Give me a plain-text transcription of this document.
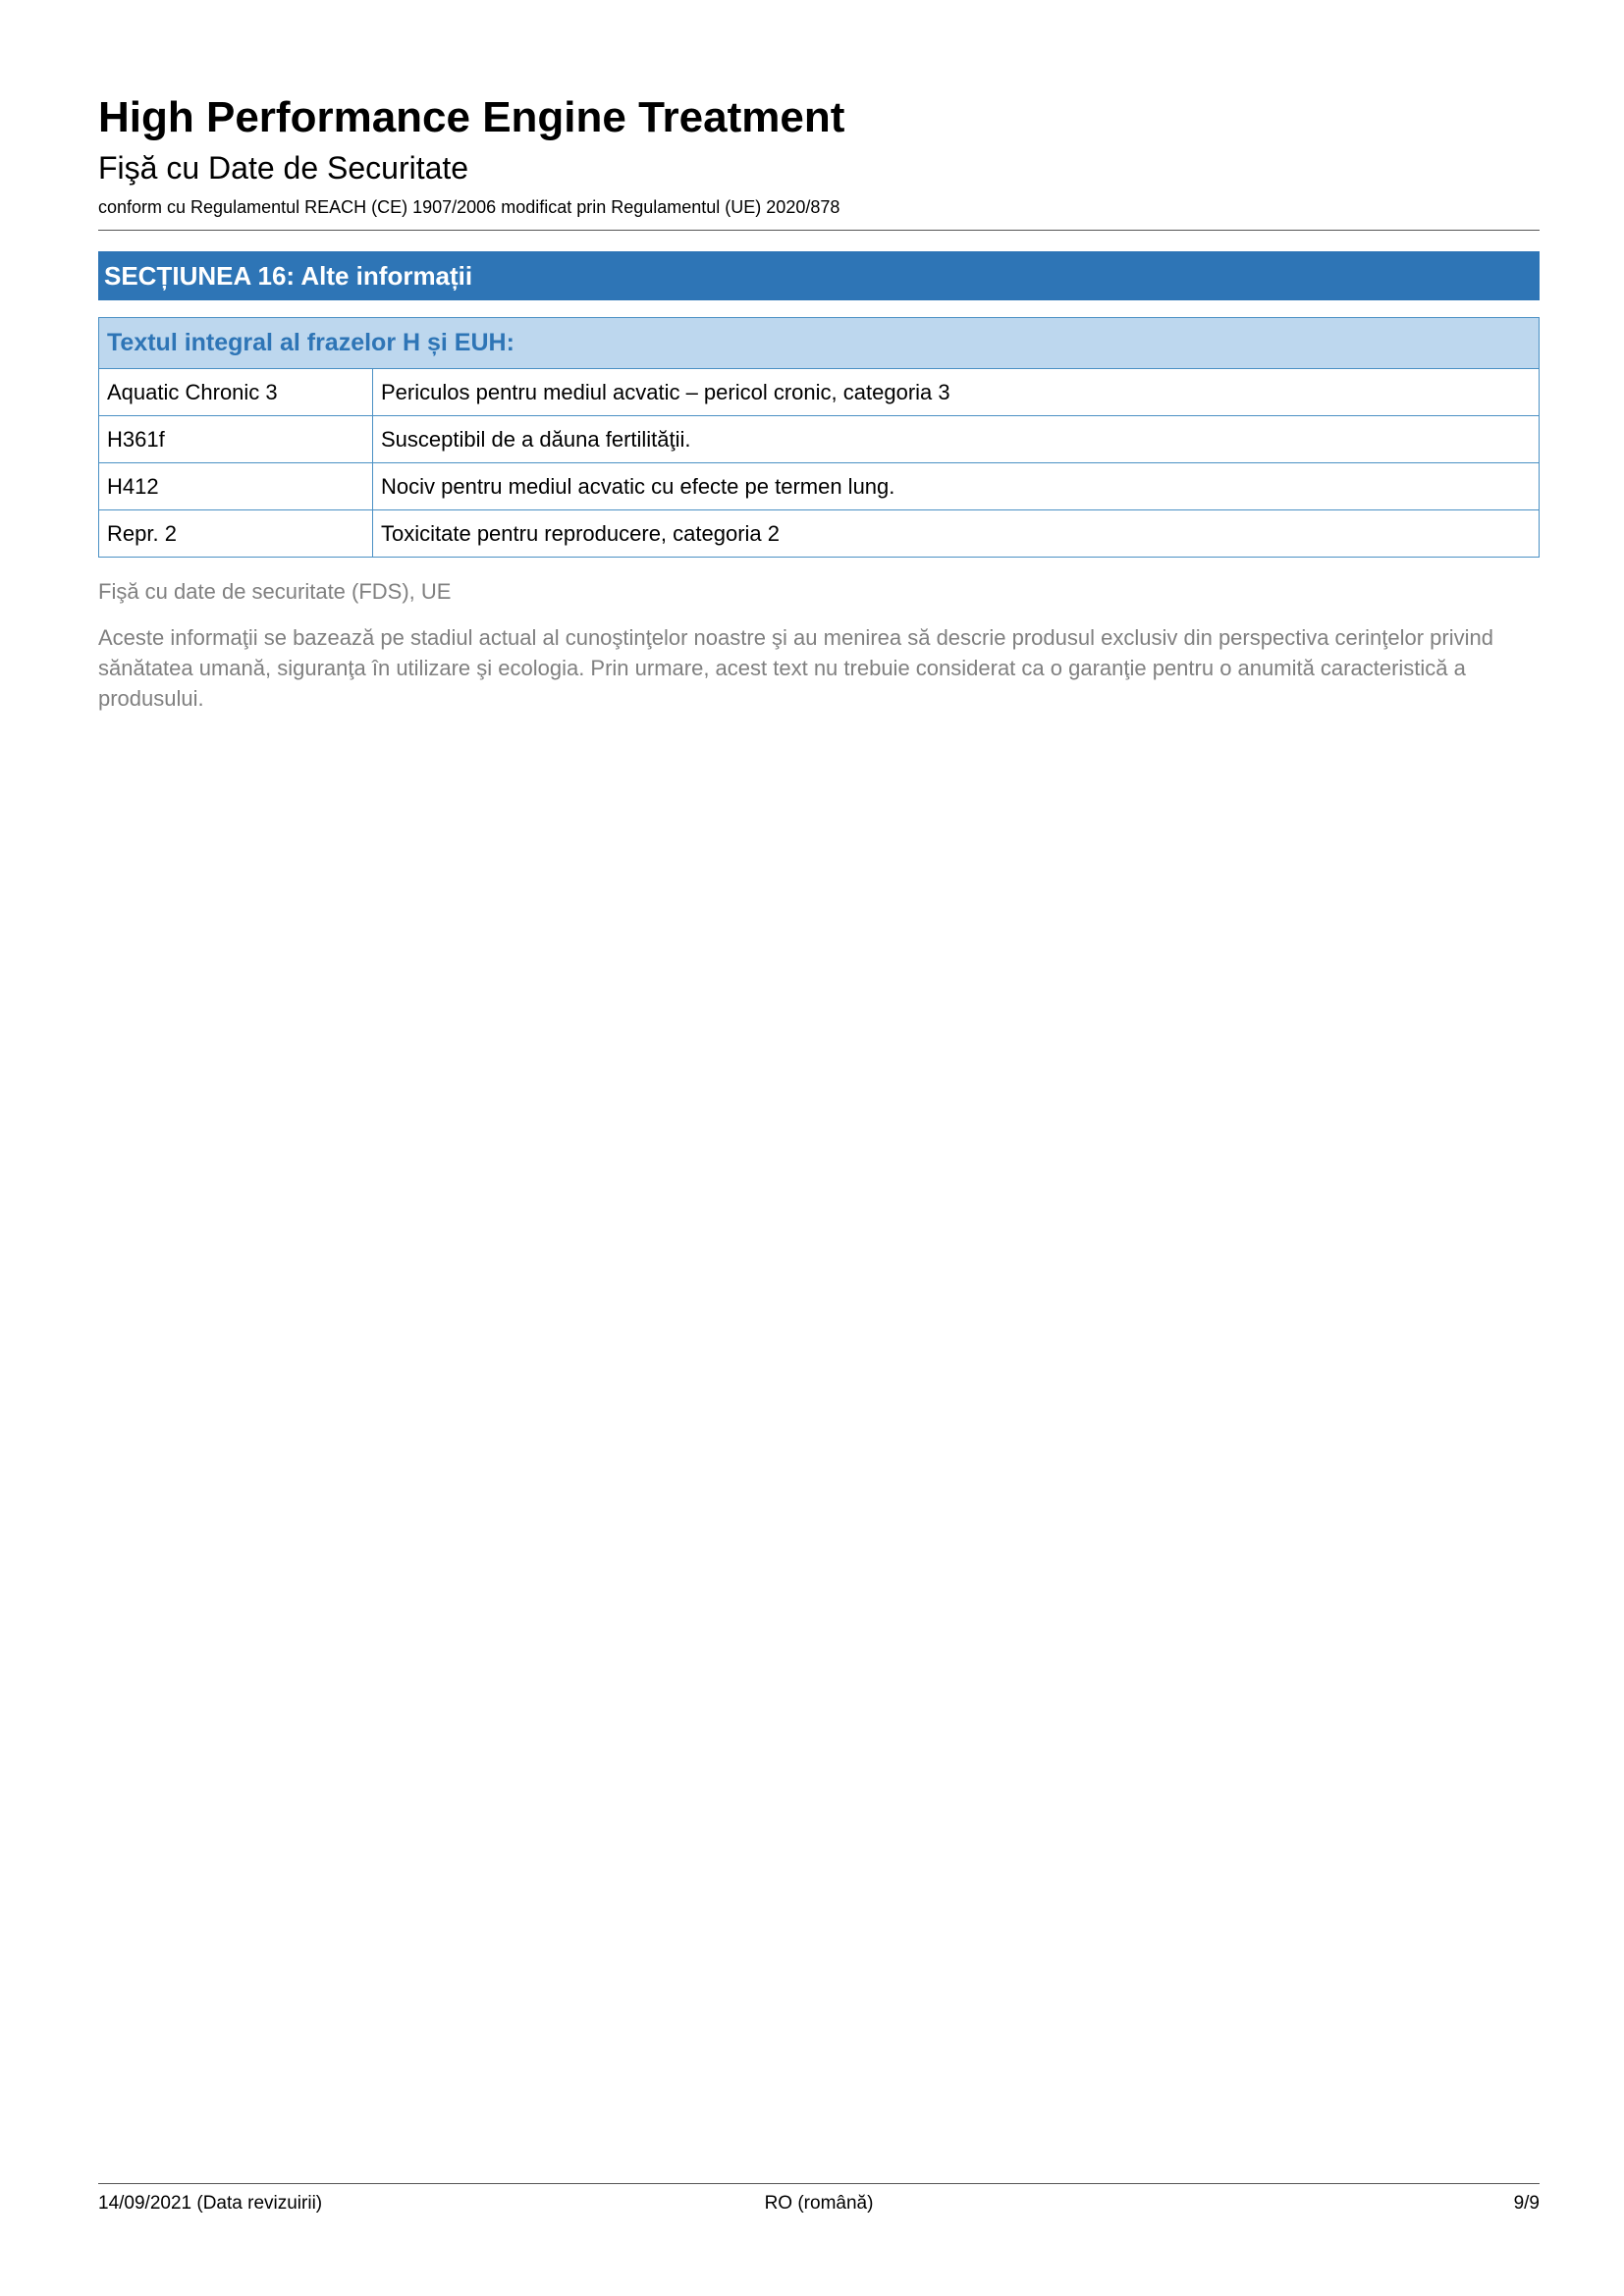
High Performance Engine Treatment
Fişă cu Date de Securitate
conform cu Regulamentul REACH (CE) 1907/2006 modificat prin Regulamentul (UE) 2020/878
SECȚIUNEA 16: Alte informații
Textul integral al frazelor H și EUH:	
Aquatic Chronic 3	Periculos pentru mediul acvatic – pericol cronic, categoria 3
H361f	Susceptibil de a dăuna fertilităţii.
H412	Nociv pentru mediul acvatic cu efecte pe termen lung.
Repr. 2	Toxicitate pentru reproducere, categoria 2

Fişă cu date de securitate (FDS), UE

Aceste informaţii se bazează pe stadiul actual al cunoştinţelor noastre şi au menirea să descrie produsul exclusiv din perspectiva cerinţelor privind sănătatea umană, siguranţa în utilizare şi ecologia. Prin urmare, acest text nu trebuie considerat ca o garanţie pentru o anumită caracteristică a produsului.

RO (română)
14/09/2021 (Data revizuirii)	9/9
